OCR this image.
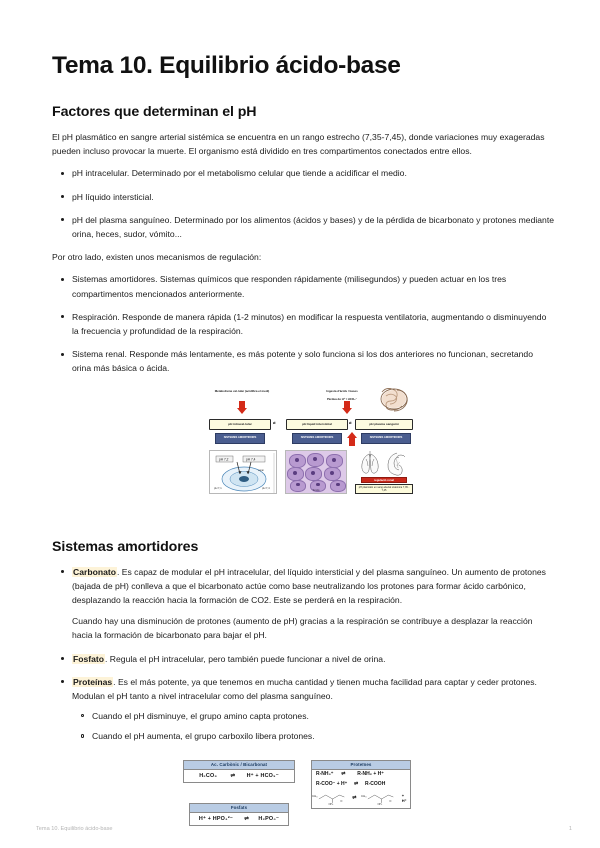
Tema 10. Equilibrio ácido-base
Factores que determinan el pH

El pH plasmático en sangre arterial sistémica se encuentra en un rango estrecho (7,35-7,45), donde variaciones muy exageradas pueden incluso provocar la muerte. El organismo está dividido en tres compartimentos conectados entre ellos.

pH intracelular. Determinado por el metabolismo celular que tiende a acidificar el medio.
pH líquido intersticial.
pH del plasma sanguíneo. Determinado por los alimentos (ácidos y bases) y de la pérdida de bicarbonato y protones mediante orina, heces, sudor, vómito...

Por otro lado, existen unos mecanismos de regulación:

Sistemas amortidores. Sistemas químicos que responden rápidamente (milisegundos) y pueden actuar en los tres compartimentos mencionados anteriormente.
Respiración. Responde de manera rápida (1-2 minutos) en modificar la respuesta ventilatoria, augmentando o disminuyendo la frecuencia y profundidad de la respiración.
Sistema renal. Responde más lentamente, es más potente y solo funciona si los dos anteriores no funcionan, secretando orina más básica o ácida.
Metabolisme cel·lular (acidifica el medi)	Ingesta d'àcids / bases
Pèrdua de H⁺ / HCO₃⁻
pH intracel·lular	pH líquid intersticial	pH plasma sanguini
⇌	⇌
SISTEMES AMORTIDORS	SISTEMES AMORTIDORS	SISTEMES AMORTIDORS
pH 7,2	pH 7,4
pH 7,1	pH 7,4
espai
Teixits
regulació renal
pH plasmàtic en sang arterial sistèmica 7,35 - 7,45
Sistemas amortidores
Carbonato. Es capaz de modular el pH intracelular, del líquido intersticial y del plasma sanguíneo. Un aumento de protones (bajada de pH) conlleva a que el bicarbonato actúe como base neutralizando los protones para formar ácido carbónico, desplazando la reacción hacia la formación de CO2. Este se perderá en la respiración.

Cuando hay una disminución de protones (aumento de pH) gracias a la respiración se contribuye a desplazar la reacción hacia la formación de bicarbonato para bajar el pH.

Fosfato. Regula el pH intracelular, pero también puede funcionar a nivel de orina.
Proteínas. Es el más potente, ya que tenemos en mucha cantidad y tienen mucha facilidad para captar y ceder protones. Modulan el pH tanto a nivel intracelular como del plasma sanguíneo.
Cuando el pH disminuye, el grupo amino capta protones.
Cuando el pH aumenta, el grupo carboxilo libera protones.
Ac. Carbònic / Bicarbonat
H₂CO₃ ⇌ H⁺ + HCO₃⁻
Fosfats
H⁺ + HPO₄²⁻ ⇌ H₂PO₄⁻
Proteïnes
R-NH₃⁺ ⇌ R-NH₂ + H⁺
R-COO⁻ + H⁺ ⇌ R-COOH
CH₃
NH₃
O
⇌ CH₃
NH₂
O
+ H⁺
Tema 10. Equilibrio ácido-base	1
